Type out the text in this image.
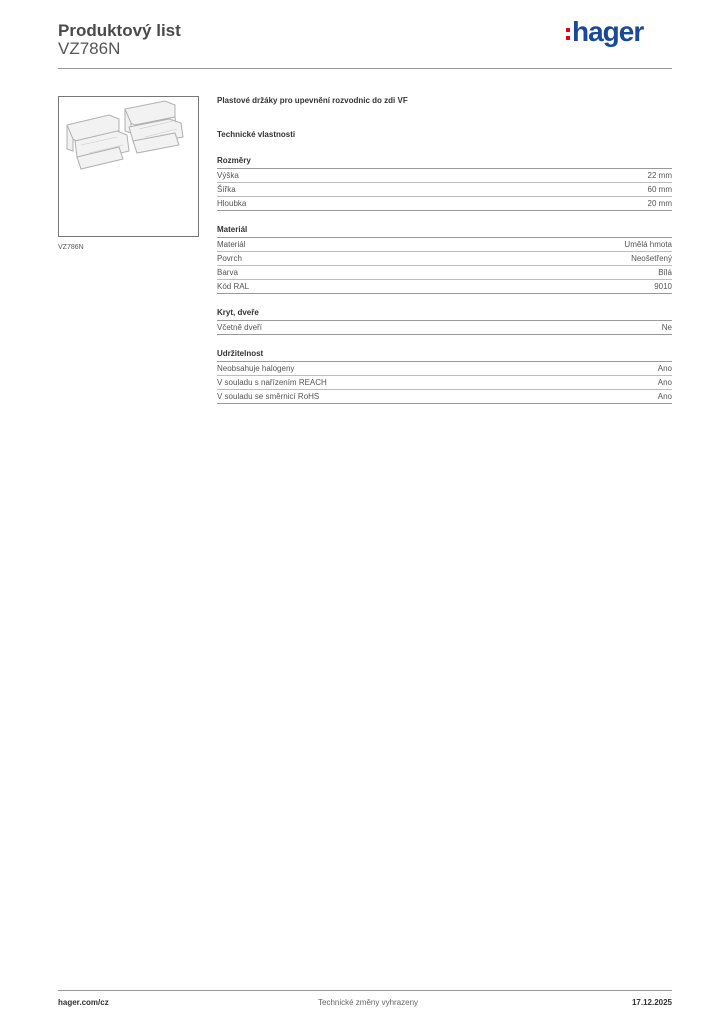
Produktový list
VZ786N
hager
VZ786N
Plastové držáky pro upevnění rozvodnic do zdi VF
Technické vlastnosti
Rozměry
Výška	22 mm
Šířka	60 mm
Hloubka	20 mm
Materiál
Materiál	Umělá hmota
Povrch	Neošetřený
Barva	Bílá
Kód RAL	9010
Kryt, dveře
Včetně dveří	Ne
Udržitelnost
Neobsahuje halogeny	Ano
V souladu s nařízením REACH	Ano
V souladu se směrnicí RoHS	Ano
hager.com/cz	Technické změny vyhrazeny	17.12.2025
